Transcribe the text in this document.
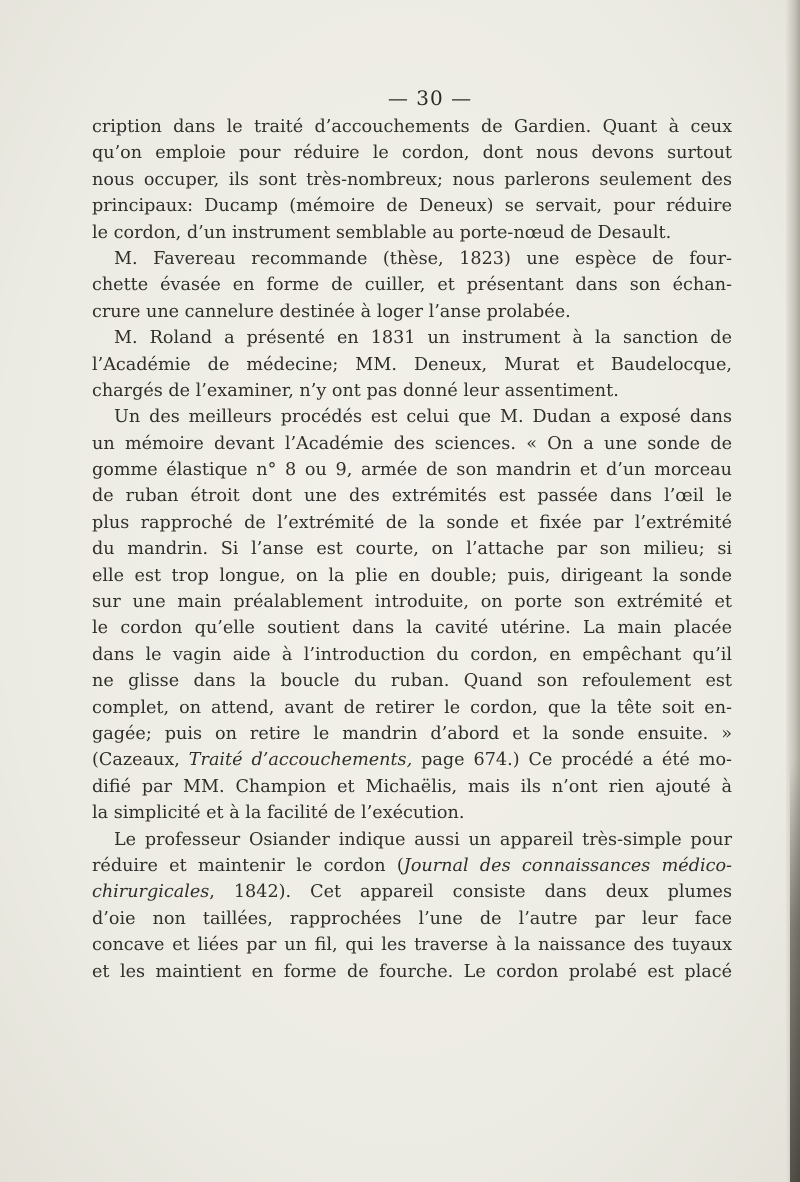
— 30 —
cription dans le traité d’accouchements de Gardien. Quant à ceux
qu’on emploie pour réduire le cordon, dont nous devons surtout
nous occuper, ils sont très-nombreux; nous parlerons seulement des
principaux: Ducamp (mémoire de Deneux) se servait, pour réduire
le cordon, d’un instrument semblable au porte-nœud de Desault.
M. Favereau recommande (thèse, 1823) une espèce de four-
chette évasée en forme de cuiller, et présentant dans son échan-
crure une cannelure destinée à loger l’anse prolabée.
M. Roland a présenté en 1831 un instrument à la sanction de
l’Académie de médecine; MM. Deneux, Murat et Baudelocque,
chargés de l’examiner, n’y ont pas donné leur assentiment.
Un des meilleurs procédés est celui que M. Dudan a exposé dans
un mémoire devant l’Académie des sciences. « On a une sonde de
gomme élastique n° 8 ou 9, armée de son mandrin et d’un morceau
de ruban étroit dont une des extrémités est passée dans l’œil le
plus rapproché de l’extrémité de la sonde et fixée par l’extrémité
du mandrin. Si l’anse est courte, on l’attache par son milieu; si
elle est trop longue, on la plie en double; puis, dirigeant la sonde
sur une main préalablement introduite, on porte son extrémité et
le cordon qu’elle soutient dans la cavité utérine. La main placée
dans le vagin aide à l’introduction du cordon, en empêchant qu’il
ne glisse dans la boucle du ruban. Quand son refoulement est
complet, on attend, avant de retirer le cordon, que la tête soit en-
gagée; puis on retire le mandrin d’abord et la sonde ensuite. »
(Cazeaux, Traité d’accouchements, page 674.) Ce procédé a été mo-
difié par MM. Champion et Michaëlis, mais ils n’ont rien ajouté à
la simplicité et à la facilité de l’exécution.
Le professeur Osiander indique aussi un appareil très-simple pour
réduire et maintenir le cordon (Journal des connaissances médico-
chirurgicales, 1842). Cet appareil consiste dans deux plumes
d’oie non taillées, rapprochées l’une de l’autre par leur face
concave et liées par un fil, qui les traverse à la naissance des tuyaux
et les maintient en forme de fourche. Le cordon prolabé est placé
